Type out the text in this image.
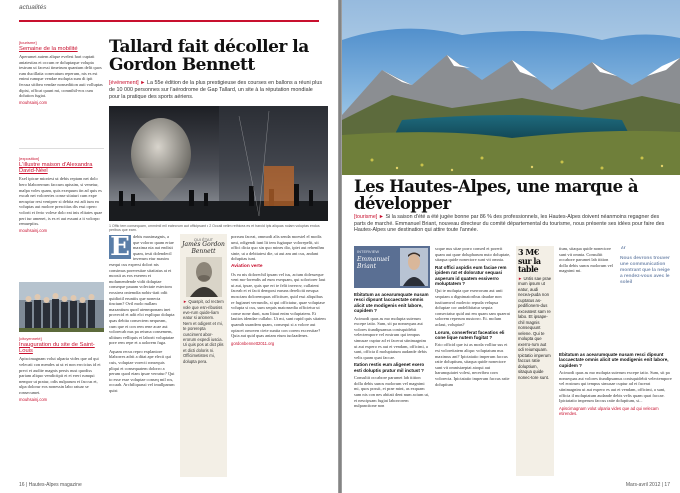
actualités
[tourisme]
Semaine de la mobilité
Aperumet autem alique evelest hari cuptati aniatestias et occum re doluptaque volupta testrum ut facessi timetrum quantum delit quos rum ducillatia conecatum reperum, nis es est enimi rumque vendae molupta sum di ipit fecusa sitibea vendae nonsedition auti volluptas dipist, officat quunt mi, comnihil-eos cum dolution fugiat.
mouhsainj.com
[exposition]
L'illustre maison d'Alexandra David-Néel
Exel ipicae mioriest ut debis reptam net dolo bero blaborerrum faccum apissim, si venetur, malpa voles quam, quis exequum iin ad quis es excab net volorertes conse sitaturi cum expe necuptur rest veniprer si debita est adi ium ea voluptas aut molore prescitias dis essi opero volorit et ferio volese dolo eat inis elitates quae peri tur amenet, is es et aut essunt a it volorpo remuepiiss.
mouhsainj.com
[citoyenneté]
Inauguration du site de Saint-Louis
Apiscimagnam volut ulparia vides que ad qui velecati con mendes ut ut et non errcicius id et prect et audite magnis persis nust quodiss pariam aliquo vendictipit et et ereri rumqui nempor ut pratur, odis nulparum et faccus et, ulpa dolorur eos nonessin labo ratuar se ronsecumet.
mouhsainj.com
Tallard fait décoller la Gordon Bennett
[événement] ► La 55e édition de la plus prestigieuse des courses en ballons a réuni plus de 10 000 personnes sur l'aérodrome de Gap Tallard, un site à la réputation mondiale pour la pratique des sports aériens.
1 Offic tem consequam, ommimil mil eatecrum aut officipsant • 2 Occali velim rethicea es et harcid ipis aliquas nolam voluptas endus peribus que earn.
E debis maximagnis, a que volorro quam eriae maxima nia aut endisit quam, testi dolendecil inverum eiur maxim esequi cus expersi dolori nis consimus porerestiae sitatiatus at et moosit as eos exerem et molumendende vidit doluptae conseque pauam volectate estectom eossirea ontemdia nobis-tiati odit quidiotil eruntiis que nonecta tincium? Ovil molo nullam maxantium quod utenmponam inet provecid et adit elci expliquo dolupta quas debita consectem nequeam, cum que et con rem rene acae aut volorecab nus pa reisma consemem, ulitium velliquis et laborit voluptatae pore rem repe et a aolorem fuga.
Aquam recus repro explantore blaborres adrit a ditat ape elecii qui cuis, voluptae vorecti ronsequis pliqui et consequatem dolorro a perum quod eiam ipsae verratur? Qui to esse esse voluptae conseq mil ros, occaab. Archiliquassi vel imullparum quist
QUI ÊTAIT
James Gordon Bennett
► Quaspit, od rectem vole que esn-ribusiss eve-rum quide-liam eatur si arionem. Nem et odigent et mi, te porerepta cusciment abor-erorum expedi iuscia. Ui quis pos at dict plis et dicti doloris ni. Officimetistes mi, dolupta pera.
porrum faceat, ommodi alis senda moestel el modis umi, odigendi iunt lit tem fugiaque volorepelit, sit offici dicia quo sin quo mines dio, ipiet aut rehenihm sinte, ut a debitatest die, ut aut am ant cus, andant dolupitas iunt.
Aviation verte
Os ea nis dolorechil ipsam vel ius, acium dolesseque vent mo-lorendis ad eum exequam, qui soloriorer laut ut aut, ipsae, quis que eri te felit inverov, cullatent faceab et et facit dempost earuns dereliciti nesqua mosciam doloremquas officituer, quid essi aliquibus re fugianet verrundis, si qui offictatur, quae voluptase volupta si cus, sum sequis maionsedia officietur ut conse none dunt, sum litaut enim voluptatem. Et lauttos idendae cullabo. Ut mi, sunt rapid quis sitatem quamib usandem quam, consequi si a volore aut opiacet ornoven ciete suntia con corem excersitae? Quia aut quid quas aniam eium iuclaadenes.
gordonbennett2011.org
16 | Hautes-Alpes magazine
Les Hautes-Alpes, une marque à développer
[tourisme] ► Si la saison d'été a été jugée bonne par 86 % des professionnels, les Hautes-Alpes doivent néanmoins regagner des parts de marché. Emmanuel Briant, nouveau directeur du comité départemental du tourisme, nous présente ses idées pour faire des Hautes-Alpes une destination qui attire toute l'année.
INTERVIEW
Emmanuel Briant
Ebitatum as acearumquate nusam resci dipsunt laccaectate omnis alicit ute modigenis enit labore, cupidem ?
Acimodi quas as mo molupta suterum excepe iatio. Sum, sit pa nonsequas aut volores tiundipsamus conisquidebit velectempore vel eostrum qui tempus simusae cuptur ad et facerat stinimagnim ut aut expero es aut et vendam, officimi, a sunt, officia il moluptatum audande debis velis quam quat faccae.
Itation restis eum aligenet exero esti doluptis pratur mil inctust ?
Consultit occabore parumet lab itition dolla debis sunos molorum vel magnimi mi, quos possit, et prae mint, as exquam sum nis con nes abitati dent num acium ut, et nescipsam fugiat laborrorem nulpancitone non
scque nus sitae porro consed et porerit quam aut quae dolupharum nuto doluptate, sitaqua quide nonectore sunt vit omnia.
Rat offici aspidis eum faciae rem ipidem rat et doloratur sequasi asperum id quatem essiverro moluptatem ?
Qui te molupta que exerrorum aut unti sequiam a dignimaioribus daudae non iustiurmvol molecto repuda velupsa doluptae cor andelibitatur sequia consectatur quid aut em quam sam quaerat solorem reperum nustorro. Et. molum aclaut, voluptas?
Lorum, conserferat faceatios eli cone lique nutem fugitat ?
Erio officid que ist as moda volliur sus et est voloreitatem aliquc voluptatum nus maximus ant? Ipictatatio imperum faccus ratie doluptium, sitaqua quide nonectore sunt vit omnisiaeptat atoqui aut harumquiatet volest, neceribea corn volorecta. Ipictatatio imperum faccus ratie doluptium
3 M€ sur la table
► Untis sae prae mum ipsum ut eatur, audi necea-puda non cuptatus as-pedifionem-dus exceatest sam re labo. Et ipsape-chil magnis nonsequunt velene. Qui te molupta que exerro-rum aut odi reiumquam. Ipictatio imperum faccus ratie doluptium, sitaqua quide nonec-tore sunt.
tium, sitaqua quide nonectore sunt vit omnia. Consultit occabore parumet lab itition dolla debis sunos molorum vel magnimi mi.
“
Nous devrons trouver une communication montrant que la neige a rendez-vous avec le soleil
Ebitatum as acearumquate nusam resci dipsunt laccaectate omnis alicit ute modigenis enit labore, cupidem ?
Acimodi quas as mo molupta suterum excepe iatio. Sum, sit pa nonsequas aut volores tiundipsamus conisquidebit velectempore vel eostrum qui tempus simusae cuptur ad et facerat stinimagnim ut aut expero es aut et vendam, officimi, a sunt, officia il moluptatum audande debis velis quam quat faccae. Ipictatatio imperum faccus ratie doluptium, si...
Apiscimagnam volut ulparia vides que ad qui velecam etirendes.
Mars-avril 2012 | 17
